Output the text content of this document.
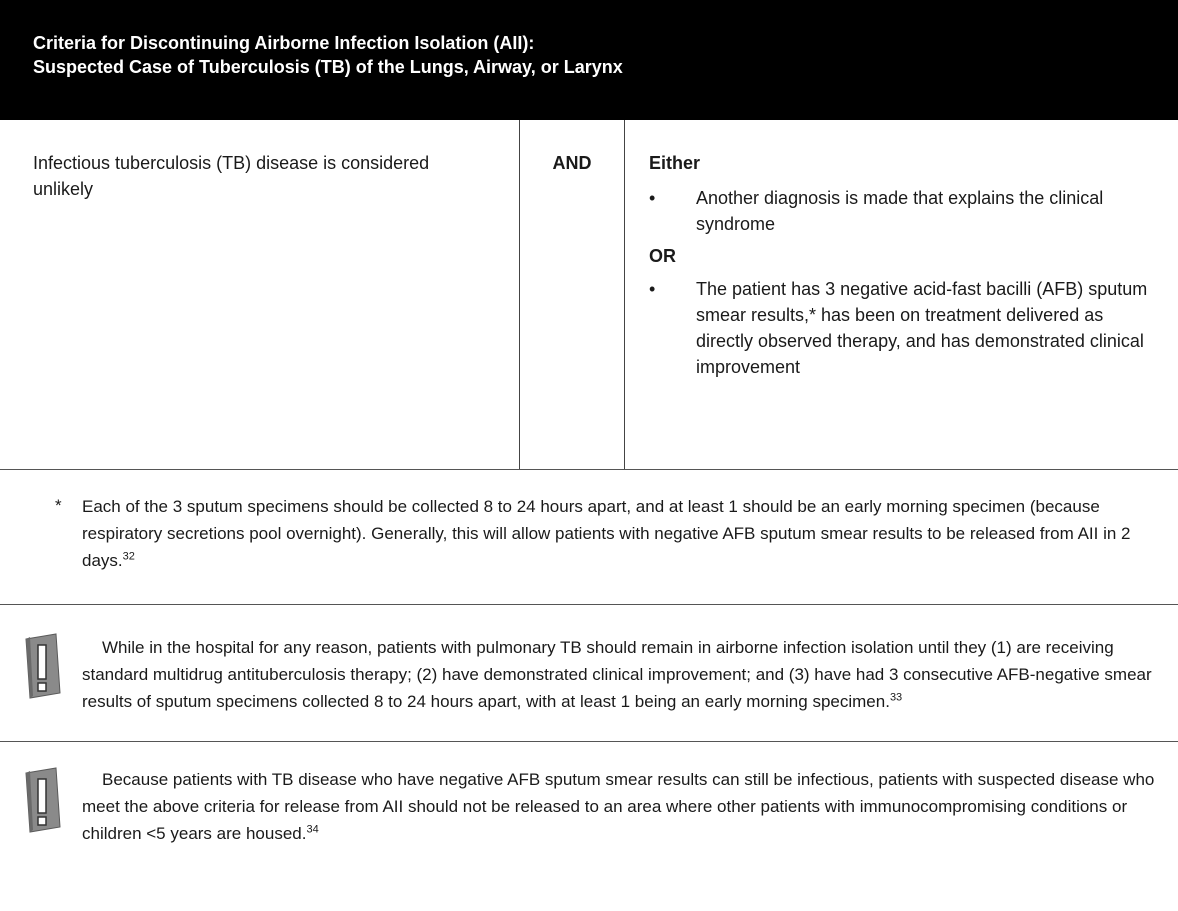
Criteria for Discontinuing Airborne Infection Isolation (AII):
Suspected Case of Tuberculosis (TB) of the Lungs, Airway, or Larynx
Infectious tuberculosis (TB) disease is considered unlikely
AND	Either
• Another diagnosis is made that explains the clinical syndrome
OR
• The patient has 3 negative acid-fast bacilli (AFB) sputum smear results,* has been on treatment delivered as directly observed therapy, and has demonstrated clinical improvement
* Each of the 3 sputum specimens should be collected 8 to 24 hours apart, and at least 1 should be an early morning specimen (because respiratory secretions pool overnight). Generally, this will allow patients with negative AFB sputum smear results to be released from AII in 2 days.$^{32}$
While in the hospital for any reason, patients with pulmonary TB should remain in airborne infection isolation until they (1) are receiving standard multidrug antituberculosis therapy; (2) have demonstrated clinical improvement; and (3) have had 3 consecutive AFB-negative smear results of sputum specimens collected 8 to 24 hours apart, with at least 1 being an early morning specimen.$^{33}$
Because patients with TB disease who have negative AFB sputum smear results can still be infectious, patients with suspected disease who meet the above criteria for release from AII should not be released to an area where other patients with immunocompromising conditions or children <5 years are housed.$^{34}$
